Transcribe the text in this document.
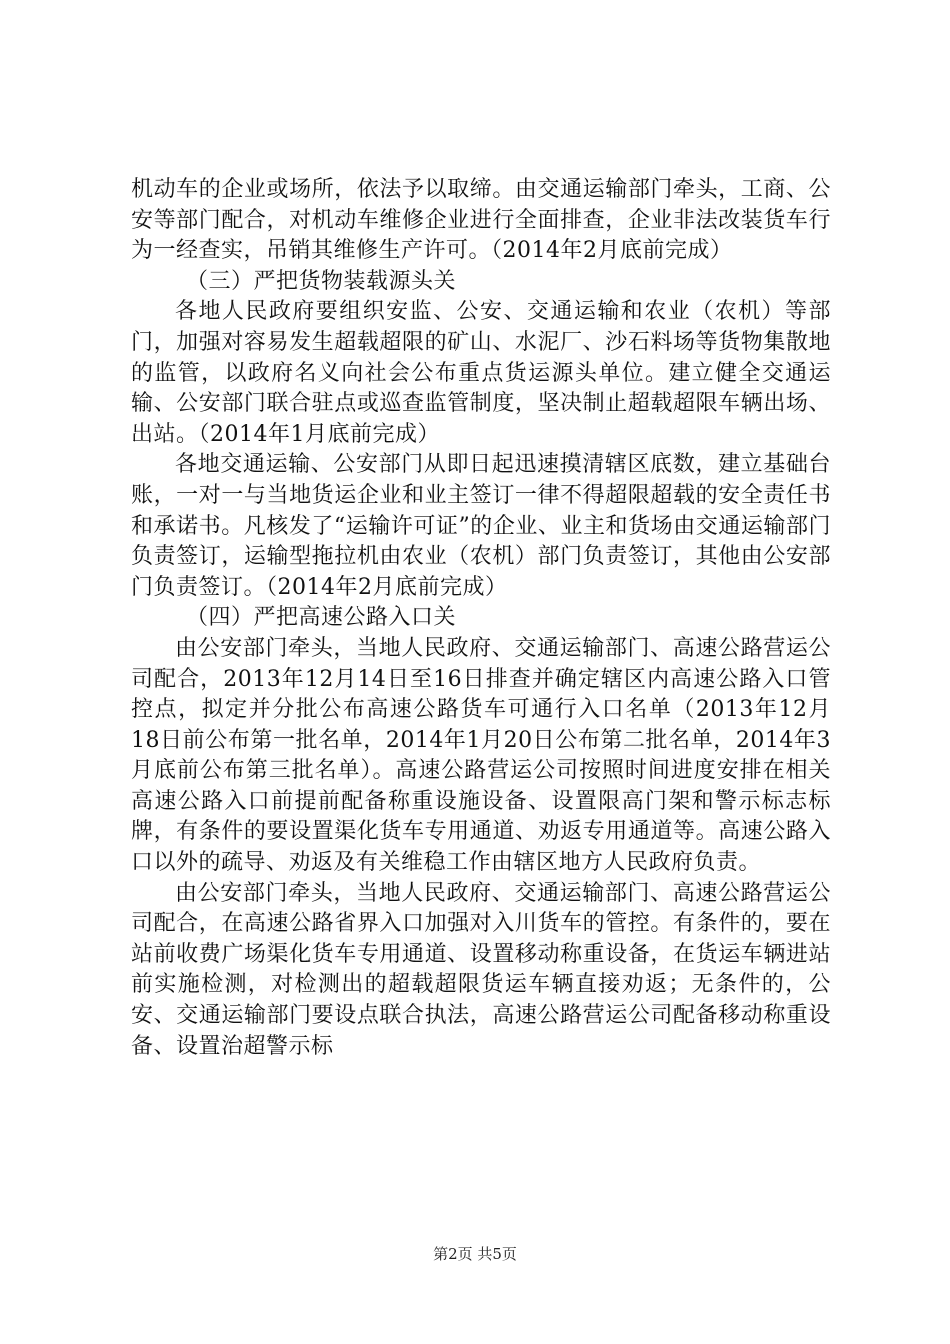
机动车的企业或场所，依法予以取缔。由交通运输部门牵头，工商、公安等部门配合，对机动车维修企业进行全面排查，企业非法改装货车行为一经查实，吊销其维修生产许可。（2014年2月底前完成）

（三）严把货物装载源头关

各地人民政府要组织安监、公安、交通运输和农业（农机）等部门，加强对容易发生超载超限的矿山、水泥厂、沙石料场等货物集散地的监管，以政府名义向社会公布重点货运源头单位。建立健全交通运输、公安部门联合驻点或巡查监管制度，坚决制止超载超限车辆出场、出站。（2014年1月底前完成）

各地交通运输、公安部门从即日起迅速摸清辖区底数，建立基础台账，一对一与当地货运企业和业主签订一律不得超限超载的安全责任书和承诺书。凡核发了“运输许可证”的企业、业主和货场由交通运输部门负责签订，运输型拖拉机由农业（农机）部门负责签订，其他由公安部门负责签订。（2014年2月底前完成）

（四）严把高速公路入口关

由公安部门牵头，当地人民政府、交通运输部门、高速公路营运公司配合，2013年12月14日至16日排查并确定辖区内高速公路入口管控点，拟定并分批公布高速公路货车可通行入口名单（2013年12月18日前公布第一批名单，2014年1月20日公布第二批名单，2014年3月底前公布第三批名单）。高速公路营运公司按照时间进度安排在相关高速公路入口前提前配备称重设施设备、设置限高门架和警示标志标牌，有条件的要设置渠化货车专用通道、劝返专用通道等。高速公路入口以外的疏导、劝返及有关维稳工作由辖区地方人民政府负责。

由公安部门牵头，当地人民政府、交通运输部门、高速公路营运公司配合，在高速公路省界入口加强对入川货车的管控。有条件的，要在站前收费广场渠化货车专用通道、设置移动称重设备，在货运车辆进站前实施检测，对检测出的超载超限货运车辆直接劝返；无条件的，公安、交通运输部门要设点联合执法，高速公路营运公司配备移动称重设备、设置治超警示标

第2页 共5页
